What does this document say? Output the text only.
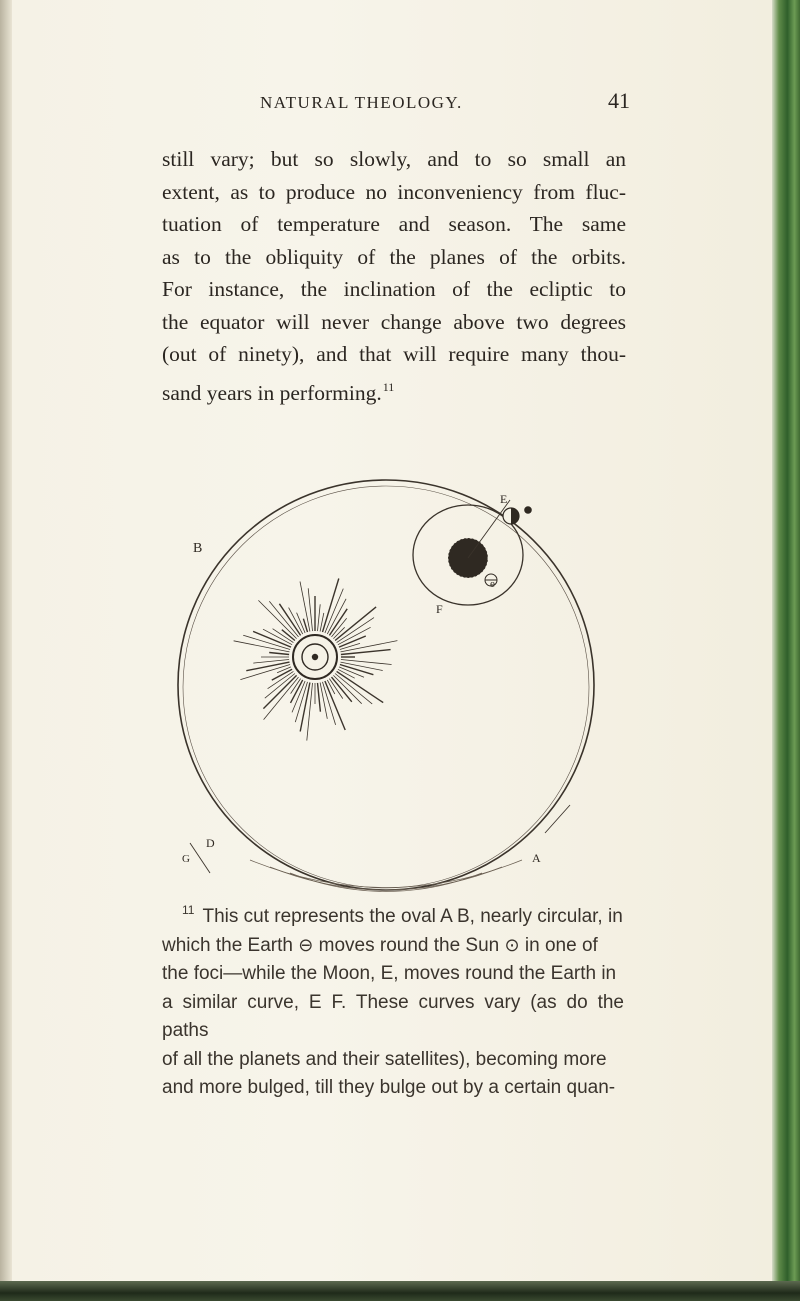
NATURAL THEOLOGY.	41
still vary; but so slowly, and to so small an
extent, as to produce no inconveniency from fluc-
tuation of temperature and season. The same
as to the obliquity of the planes of the orbits.
For instance, the inclination of the ecliptic to
the equator will never change above two degrees
(out of ninety), and that will require many thou-
sand years in performing.$^{11}$
E
B
F
e
D
G	A
$^{11}$ This cut represents the oval A B, nearly circular, in
which the Earth ⊖ moves round the Sun ⊙ in one of
the foci—while the Moon, E, moves round the Earth in
a similar curve, E F. These curves vary (as do the paths
of all the planets and their satellites), becoming more
and more bulged, till they bulge out by a certain quan-
